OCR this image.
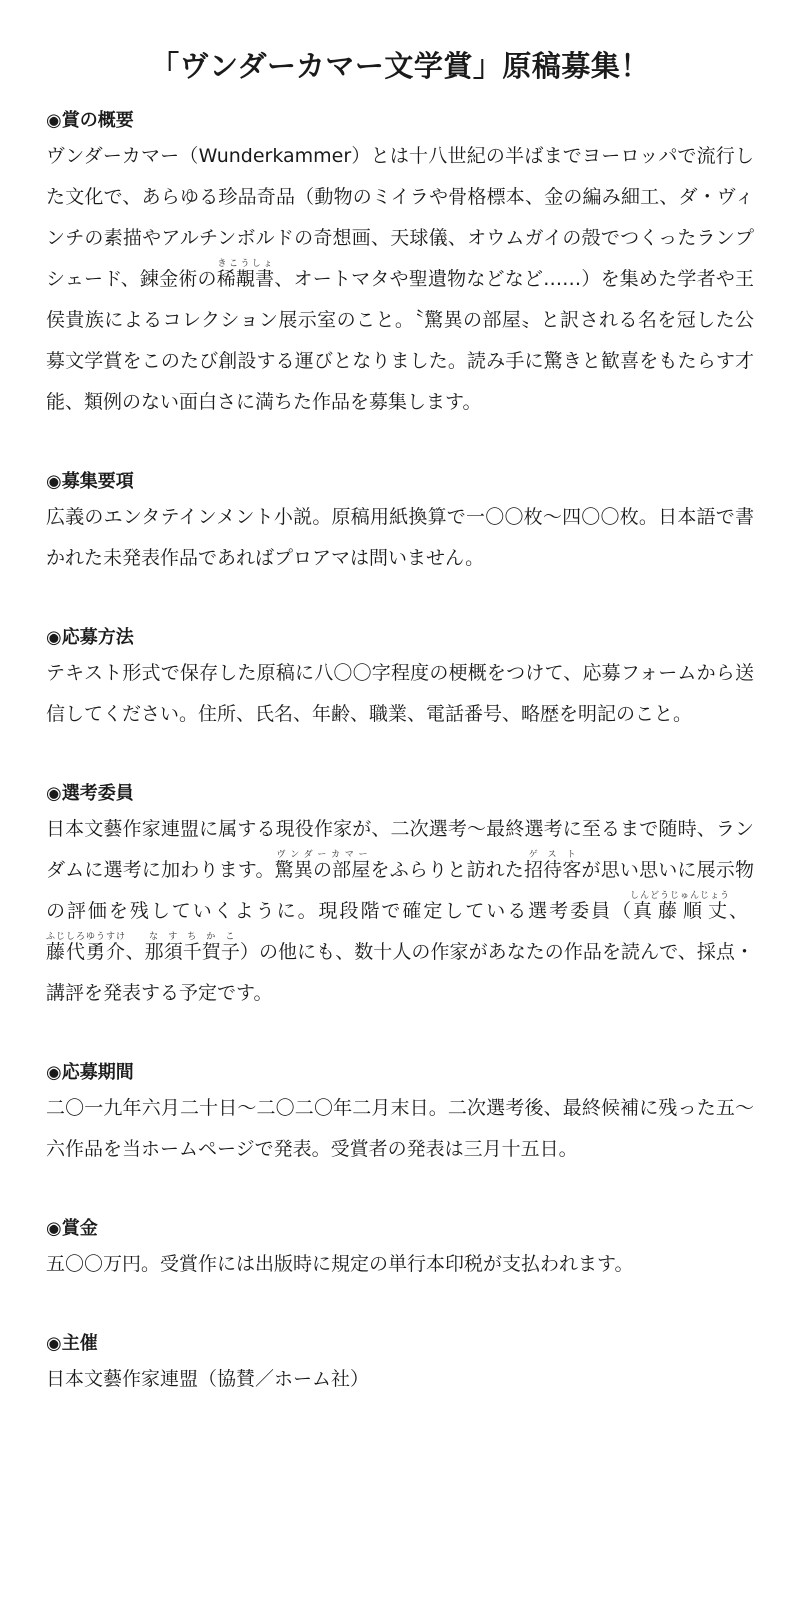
「ヴンダーカマー文学賞」原稿募集！
◉賞の概要

ヴンダーカマー（Wunderkammer）とは十八世紀の半ばまでヨーロッパで流行した文化で、あらゆる珍品奇品（動物のミイラや骨格標本、金の編み細工、ダ・ヴィンチの素描やアルチンボルドの奇想画、天球儀、オウムガイの殻でつくったランプシェード、錬金術の稀覯書きこうしょ、オートマタや聖遺物などなど……）を集めた学者や王侯貴族によるコレクション展示室のこと。〝驚異の部屋〟と訳される名を冠した公募文学賞をこのたび創設する運びとなりました。読み手に驚きと歓喜をもたらす才能、類例のない面白さに満ちた作品を募集します。

◉募集要項

広義のエンタテインメント小説。原稿用紙換算で一〇〇枚～四〇〇枚。日本語で書かれた未発表作品であればプロアマは問いません。

◉応募方法

テキスト形式で保存した原稿に八〇〇字程度の梗概をつけて、応募フォームから送信してください。住所、氏名、年齢、職業、電話番号、略歴を明記のこと。

◉選考委員

日本文藝作家連盟に属する現役作家が、二次選考～最終選考に至るまで随時、ランダムに選考に加わります。驚異の部屋ヴンダーカマーをふらりと訪れた招待客ゲストが思い思いに展示物の評価を残していくように。現段階で確定している選考委員（真藤順丈しんどうじゅんじょう、藤代勇介ふじしろゆうすけ、那須千賀子なすちかこ）の他にも、数十人の作家があなたの作品を読んで、採点・講評を発表する予定です。

◉応募期間

二〇一九年六月二十日～二〇二〇年二月末日。二次選考後、最終候補に残った五～六作品を当ホームページで発表。受賞者の発表は三月十五日。

◉賞金

五〇〇万円。受賞作には出版時に規定の単行本印税が支払われます。

◉主催

日本文藝作家連盟（協賛／ホーム社）
